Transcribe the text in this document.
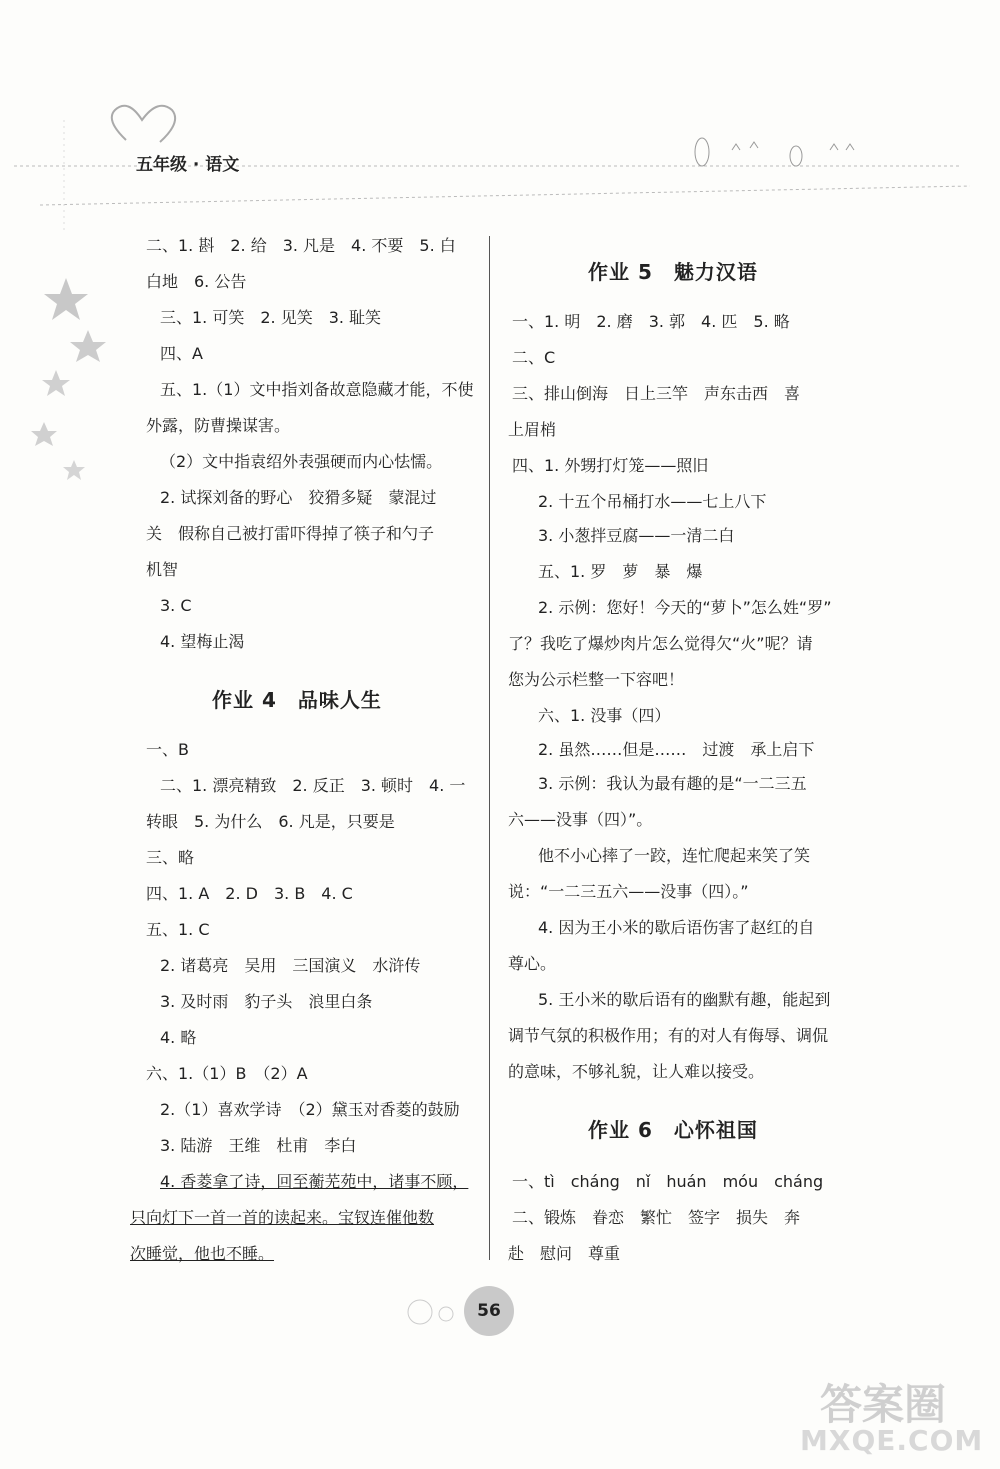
五年级 · 语文
二、1. 斟　2. 给　3. 凡是　4. 不要　5. 白
白地　6. 公告
三、1. 可笑　2. 见笑　3. 耻笑
四、A
五、1.（1）文中指刘备故意隐藏才能，不使
外露，防曹操谋害。
（2）文中指袁绍外表强硬而内心怯懦。
2. 试探刘备的野心　狡猾多疑　蒙混过
关　假称自己被打雷吓得掉了筷子和勺子
机智
3. C
4. 望梅止渴
一、B
二、1. 漂亮精致　2. 反正　3. 顿时　4. 一
转眼　5. 为什么　6. 凡是，只要是
三、略
四、1. A　2. D　3. B　4. C
五、1. C
2. 诸葛亮　吴用　三国演义　水浒传
3. 及时雨　豹子头　浪里白条
4. 略
六、1.（1）B　（2）A
2.（1）喜欢学诗　（2）黛玉对香菱的鼓励
3. 陆游　王维　杜甫　李白
4. 香菱拿了诗，回至蘅芜苑中，诸事不顾，
只向灯下一首一首的读起来。宝钗连催他数
次睡觉，他也不睡。
作业 4　品味人生
一、1. 明　2. 磨　3. 郭　4. 匹　5. 略
二、C
三、排山倒海　日上三竿　声东击西　喜
上眉梢
四、1. 外甥打灯笼——照旧
2. 十五个吊桶打水——七上八下
3. 小葱拌豆腐——一清二白
五、1. 罗　萝　暴　爆
2. 示例：您好！今天的“萝卜”怎么姓“罗”
了？我吃了爆炒肉片怎么觉得欠“火”呢？请
您为公示栏整一下容吧！
六、1. 没事（四）
2. 虽然……但是……　过渡　承上启下
3. 示例：我认为最有趣的是“一二三五
六——没事（四）”。
他不小心摔了一跤，连忙爬起来笑了笑
说：“一二三五六——没事（四）。”
4. 因为王小米的歇后语伤害了赵红的自
尊心。
5. 王小米的歇后语有的幽默有趣，能起到
调节气氛的积极作用；有的对人有侮辱、调侃
的意味，不够礼貌，让人难以接受。
一、tì　cháng　nǐ　huán　móu　cháng
二、锻炼　眷恋　繁忙　签字　损失　奔
赴　慰问　尊重
作业 5　魅力汉语
作业 6　心怀祖国
56
答案圈
MXQE.COM
